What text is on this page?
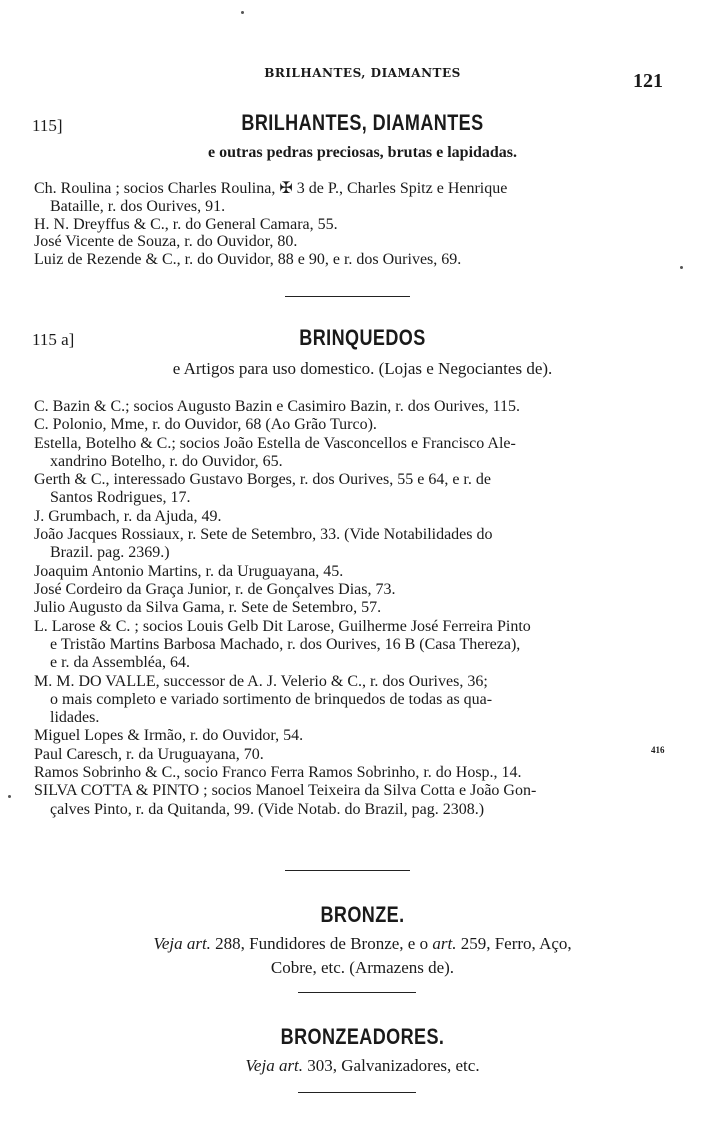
BRILHANTES, DIAMANTES	121
115]	BRILHANTES, DIAMANTES
e outras pedras preciosas, brutas e lapidadas.
Ch. Roulina ; socios Charles Roulina, ✠ 3 de P., Charles Spitz e Henrique
Bataille, r. dos Ourives, 91.
H. N. Dreyffus & C., r. do General Camara, 55.
José Vicente de Souza, r. do Ouvidor, 80.
Luiz de Rezende & C., r. do Ouvidor, 88 e 90, e r. dos Ourives, 69.
115 a]	BRINQUEDOS
e Artigos para uso domestico. (Lojas e Negociantes de).
C. Bazin & C.; socios Augusto Bazin e Casimiro Bazin, r. dos Ourives, 115.
C. Polonio, Mme, r. do Ouvidor, 68 (Ao Grão Turco).
Estella, Botelho & C.; socios João Estella de Vasconcellos e Francisco Ale-
xandrino Botelho, r. do Ouvidor, 65.
Gerth & C., interessado Gustavo Borges, r. dos Ourives, 55 e 64, e r. de
Santos Rodrigues, 17.
J. Grumbach, r. da Ajuda, 49.
João Jacques Rossiaux, r. Sete de Setembro, 33. (Vide Notabilidades do
Brazil. pag. 2369.)
Joaquim Antonio Martins, r. da Uruguayana, 45.
José Cordeiro da Graça Junior, r. de Gonçalves Dias, 73.
Julio Augusto da Silva Gama, r. Sete de Setembro, 57.
L. Larose & C. ; socios Louis Gelb Dit Larose, Guilherme José Ferreira Pinto
e Tristão Martins Barbosa Machado, r. dos Ourives, 16 B (Casa Thereza),
e r. da Assembléa, 64.
M. M. DO VALLE, successor de A. J. Velerio & C., r. dos Ourives, 36;
o mais completo e variado sortimento de brinquedos de todas as qua-
lidades.
Miguel Lopes & Irmão, r. do Ouvidor, 54.
Paul Caresch, r. da Uruguayana, 70.
Ramos Sobrinho & C., socio Franco Ferra Ramos Sobrinho, r. do Hosp., 14.
SILVA COTTA & PINTO ; socios Manoel Teixeira da Silva Cotta e João Gon-
çalves Pinto, r. da Quitanda, 99. (Vide Notab. do Brazil, pag. 2308.)
416
BRONZE.
Veja art. 288, Fundidores de Bronze, e o art. 259, Ferro, Aço,
Cobre, etc. (Armazens de).
BRONZEADORES.
Veja art. 303, Galvanizadores, etc.
